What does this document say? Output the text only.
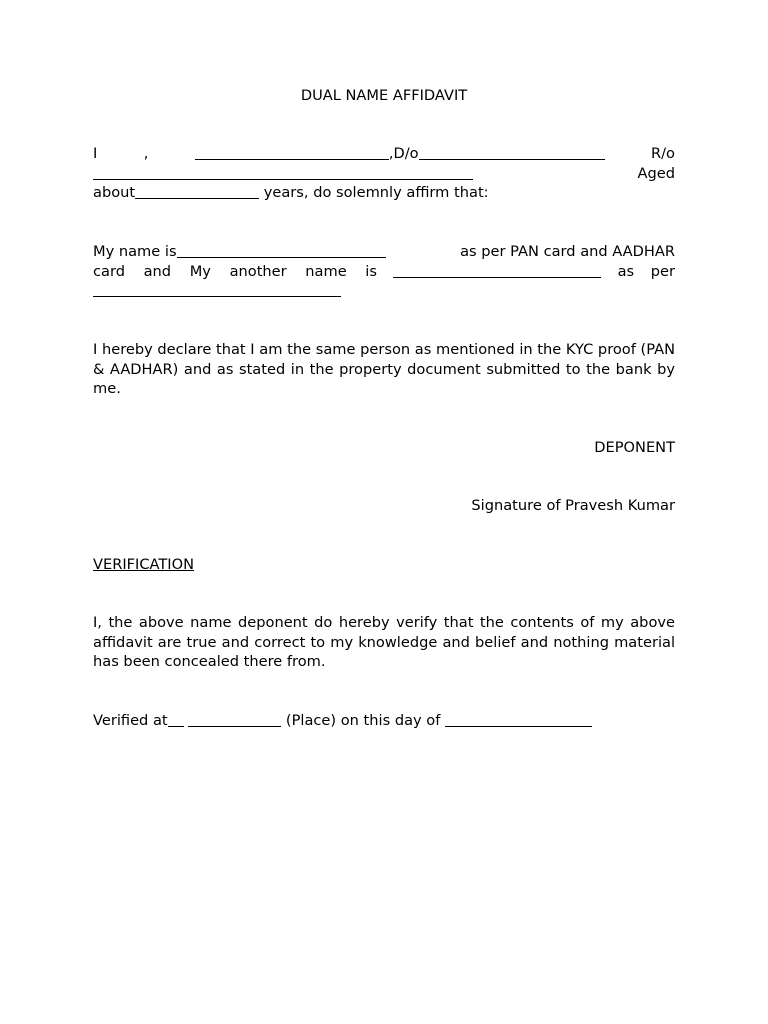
DUAL NAME AFFIDAVIT
I	,	,D/o	R/o
Aged
about	years, do solemnly affirm that:
My name is	as per PAN card and AADHAR
card and My another name is	as per
I hereby declare that I am the same person as mentioned in the KYC proof (PAN & AADHAR) and as stated in the property document submitted to the bank by me.
DEPONENT
Signature of Pravesh Kumar
VERIFICATION
I, the above name deponent do hereby verify that the contents of my above affidavit are true and correct to my knowledge and belief and nothing material has been concealed there from.
Verified at	(Place) on this day of
